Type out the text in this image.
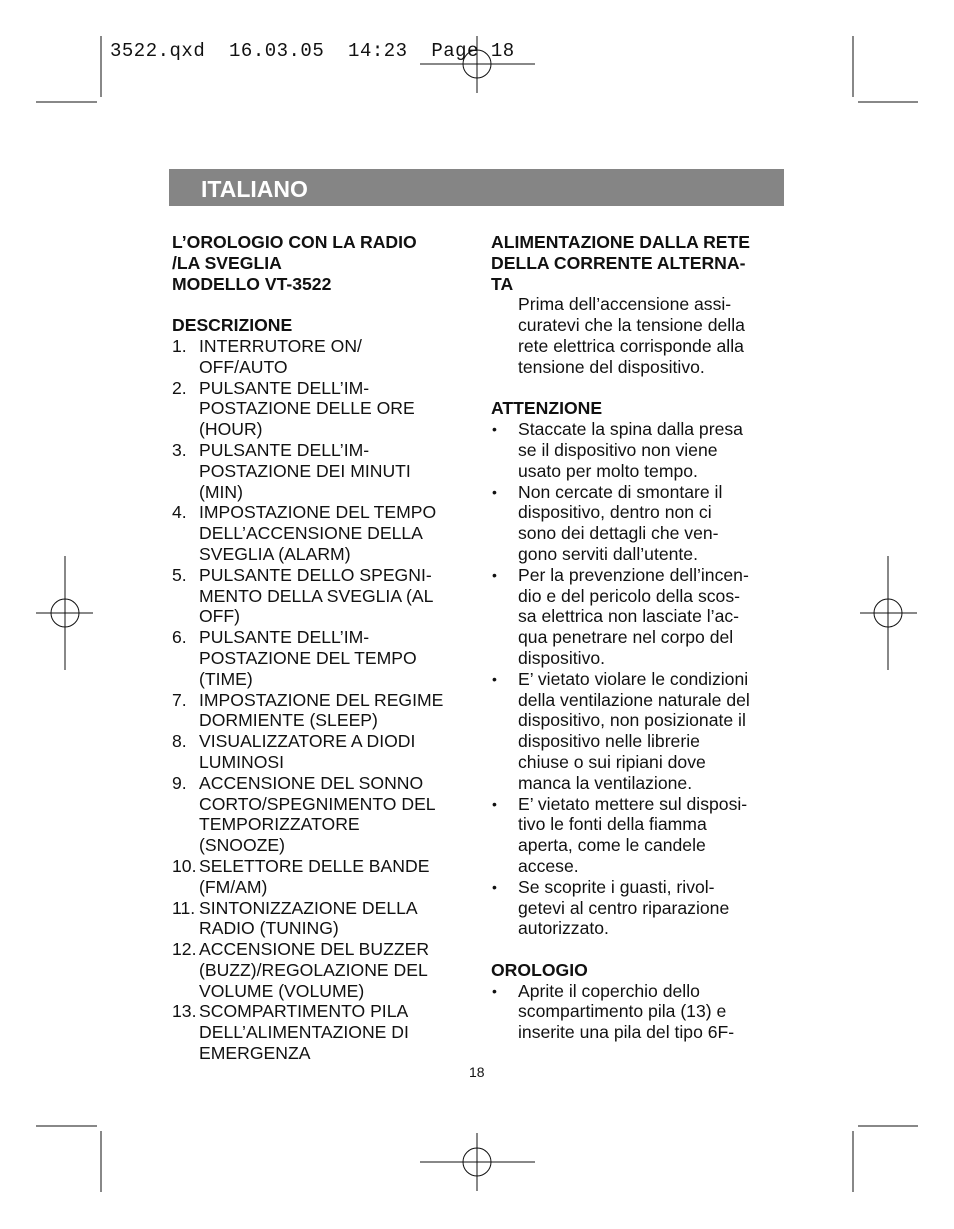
3522.qxd  16.03.05  14:23  Page 18
ITALIANO
L’OROLOGIO CON LA RADIO
/LA SVEGLIA
MODELLO VT-3522
DESCRIZIONE
1. INTERRUTORE ON/
OFF/AUTO
2. PULSANTE DELL’IM-
POSTAZIONE DELLE ORE
(HOUR)
3. PULSANTE DELL’IM-
POSTAZIONE DEI MINUTI
(MIN)
4. IMPOSTAZIONE DEL TEMPO
DELL’ACCENSIONE DELLA
SVEGLIA (ALARM)
5. PULSANTE DELLO SPEGNI-
MENTO DELLA SVEGLIA (AL
OFF)
6. PULSANTE DELL’IM-
POSTAZIONE DEL TEMPO
(TIME)
7. IMPOSTAZIONE DEL REGIME
DORMIENTE (SLEEP)
8. VISUALIZZATORE A DIODI
LUMINOSI
9. ACCENSIONE DEL SONNO
CORTO/SPEGNIMENTO DEL
TEMPORIZZATORE
(SNOOZE)
10. SELETTORE DELLE BANDE
(FM/AM)
11. SINTONIZZAZIONE DELLA
RADIO (TUNING)
12. ACCENSIONE DEL BUZZER
(BUZZ)/REGOLAZIONE DEL
VOLUME (VOLUME)
13. SCOMPARTIMENTO PILA
DELL’ALIMENTAZIONE DI
EMERGENZA
ALIMENTAZIONE DALLA RETE
DELLA CORRENTE ALTERNA-
TA
Prima dell’accensione assi-
curatevi che la tensione della
rete elettrica corrisponde alla
tensione del dispositivo.
ATTENZIONE
•	Staccate la spina dalla presa
se il dispositivo non viene
usato per molto tempo.
•	Non cercate di smontare il
dispositivo, dentro non ci
sono dei dettagli che ven-
gono serviti dall’utente.
•	Per la prevenzione dell’incen-
dio e del pericolo della scos-
sa elettrica non lasciate l’ac-
qua penetrare nel corpo del
dispositivo.
•	E’ vietato violare le condizioni
della ventilazione naturale del
dispositivo, non posizionate il
dispositivo nelle librerie
chiuse o sui ripiani dove
manca la ventilazione.
•	E’ vietato mettere sul disposi-
tivo le fonti della fiamma
aperta, come le candele
accese.
•	Se scoprite i guasti, rivol-
getevi al centro riparazione
autorizzato.
OROLOGIO
•	Aprite il coperchio dello
scompartimento pila (13) e
inserite una pila del tipo 6F-
18
